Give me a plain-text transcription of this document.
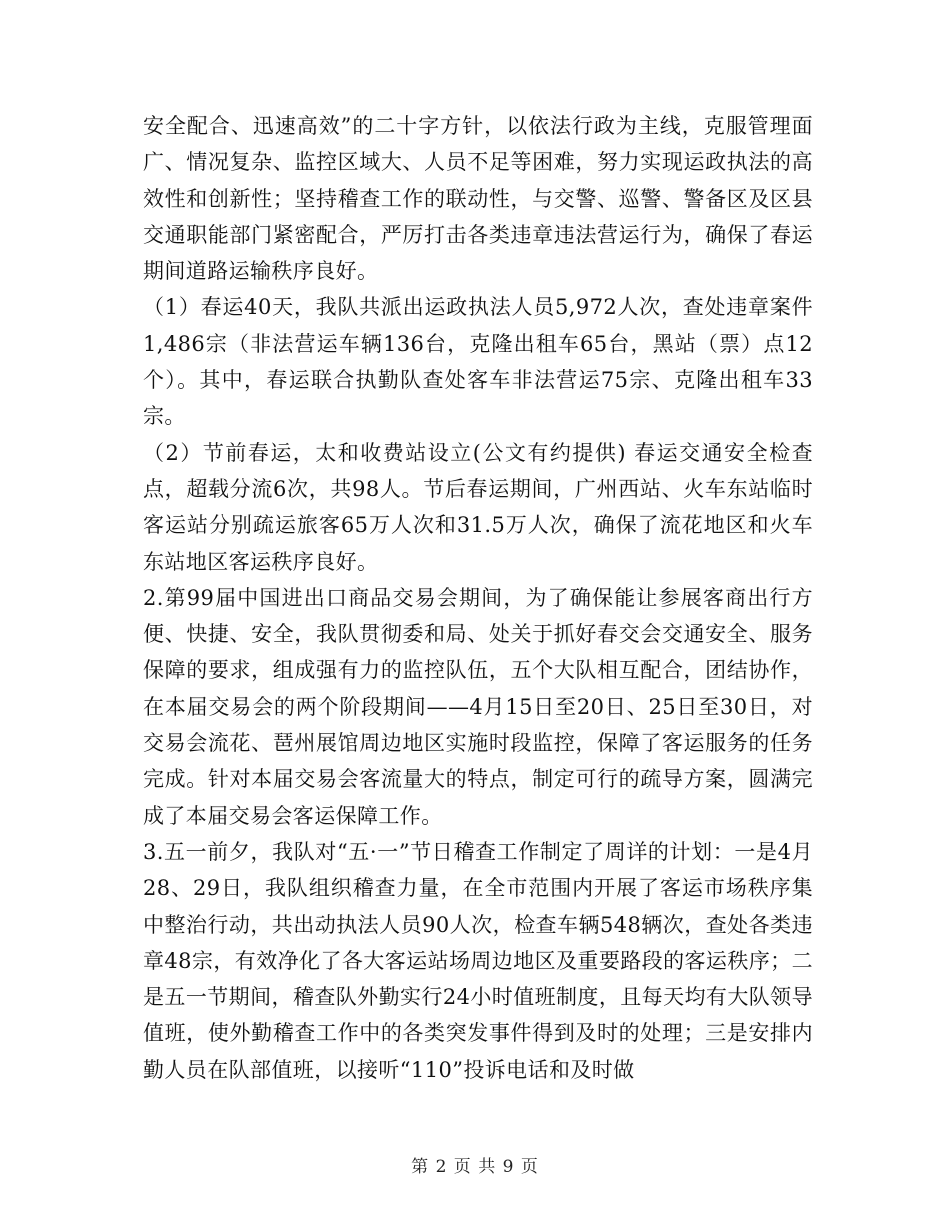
安全配合、迅速高效”的二十字方针，以依法行政为主线，克服管理面广、情况复杂、监控区域大、人员不足等困难，努力实现运政执法的高效性和创新性；坚持稽查工作的联动性，与交警、巡警、警备区及区县交通职能部门紧密配合，严厉打击各类违章违法营运行为，确保了春运期间道路运输秩序良好。

（1）春运40天，我队共派出运政执法人员5,972人次，查处违章案件1,486宗（非法营运车辆136台，克隆出租车65台，黑站（票）点12个）。其中，春运联合执勤队查处客车非法营运75宗、克隆出租车33宗。

（2）节前春运，太和收费站设立(公文有约提供) 春运交通安全检查点，超载分流6次，共98人。节后春运期间，广州西站、火车东站临时客运站分别疏运旅客65万人次和31.5万人次，确保了流花地区和火车东站地区客运秩序良好。

2.第99届中国进出口商品交易会期间，为了确保能让参展客商出行方便、快捷、安全，我队贯彻委和局、处关于抓好春交会交通安全、服务保障的要求，组成强有力的监控队伍，五个大队相互配合，团结协作，在本届交易会的两个阶段期间——4月15日至20日、25日至30日，对交易会流花、琶州展馆周边地区实施时段监控，保障了客运服务的任务完成。针对本届交易会客流量大的特点，制定可行的疏导方案，圆满完成了本届交易会客运保障工作。

3.五一前夕，我队对“五·一”节日稽查工作制定了周详的计划：一是4月28、29日，我队组织稽查力量，在全市范围内开展了客运市场秩序集中整治行动，共出动执法人员90人次，检查车辆548辆次，查处各类违章48宗，有效净化了各大客运站场周边地区及重要路段的客运秩序；二是五一节期间，稽查队外勤实行24小时值班制度，且每天均有大队领导值班，使外勤稽查工作中的各类突发事件得到及时的处理；三是安排内勤人员在队部值班，以接听“110”投诉电话和及时做

第 2 页 共 9 页
